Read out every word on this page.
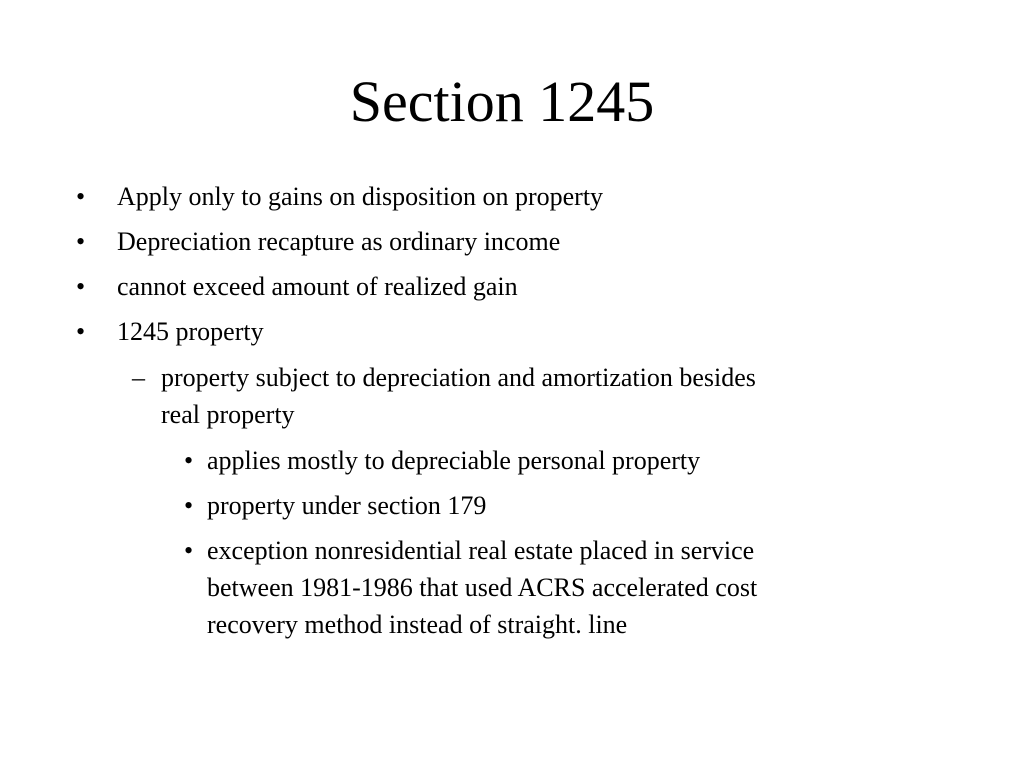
Section 1245
• Apply only to gains on disposition on property
• Depreciation recapture as ordinary income
• cannot exceed amount of realized gain
• 1245 property
– property subject to depreciation and amortization besides
real property
• applies mostly to depreciable personal property
• property under section 179
• exception nonresidential real estate placed in service
between 1981-1986 that used ACRS accelerated cost
recovery method instead of straight. line
